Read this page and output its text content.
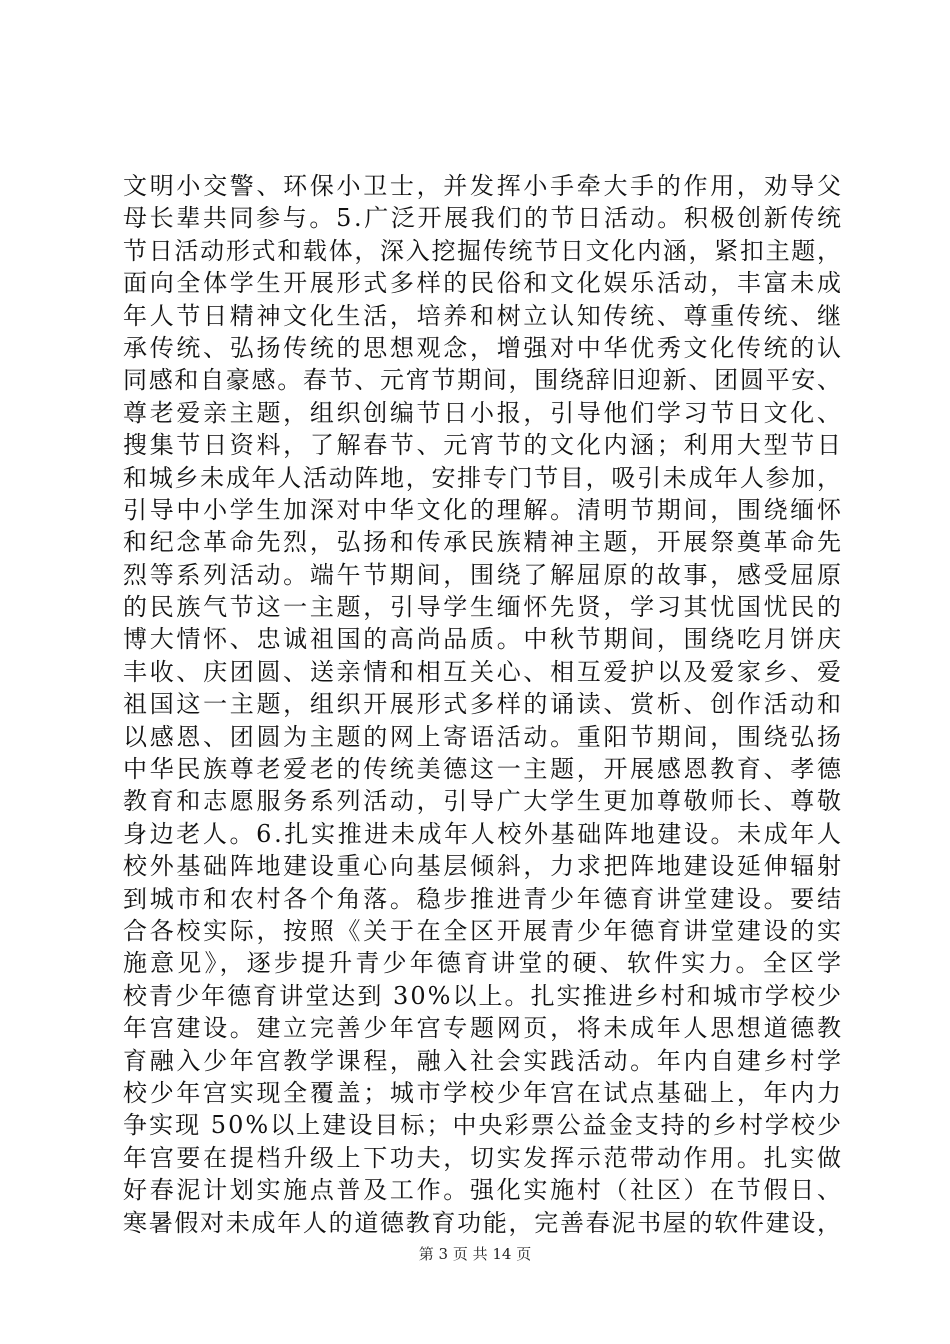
文明小交警、环保小卫士，并发挥小手牵大手的作用，劝导父
母长辈共同参与。5.广泛开展我们的节日活动。积极创新传统
节日活动形式和载体，深入挖掘传统节日文化内涵，紧扣主题，
面向全体学生开展形式多样的民俗和文化娱乐活动，丰富未成
年人节日精神文化生活，培养和树立认知传统、尊重传统、继
承传统、弘扬传统的思想观念，增强对中华优秀文化传统的认
同感和自豪感。春节、元宵节期间，围绕辞旧迎新、团圆平安、
尊老爱亲主题，组织创编节日小报，引导他们学习节日文化、
搜集节日资料，了解春节、元宵节的文化内涵；利用大型节日
和城乡未成年人活动阵地，安排专门节目，吸引未成年人参加，
引导中小学生加深对中华文化的理解。清明节期间，围绕缅怀
和纪念革命先烈，弘扬和传承民族精神主题，开展祭奠革命先
烈等系列活动。端午节期间，围绕了解屈原的故事，感受屈原
的民族气节这一主题，引导学生缅怀先贤，学习其忧国忧民的
博大情怀、忠诚祖国的高尚品质。中秋节期间，围绕吃月饼庆
丰收、庆团圆、送亲情和相互关心、相互爱护以及爱家乡、爱
祖国这一主题，组织开展形式多样的诵读、赏析、创作活动和
以感恩、团圆为主题的网上寄语活动。重阳节期间，围绕弘扬
中华民族尊老爱老的传统美德这一主题，开展感恩教育、孝德
教育和志愿服务系列活动，引导广大学生更加尊敬师长、尊敬
身边老人。6.扎实推进未成年人校外基础阵地建设。未成年人
校外基础阵地建设重心向基层倾斜，力求把阵地建设延伸辐射
到城市和农村各个角落。稳步推进青少年德育讲堂建设。要结
合各校实际，按照《关于在全区开展青少年德育讲堂建设的实
施意见》，逐步提升青少年德育讲堂的硬、软件实力。全区学
校青少年德育讲堂达到 30%以上。扎实推进乡村和城市学校少
年宫建设。建立完善少年宫专题网页，将未成年人思想道德教
育融入少年宫教学课程，融入社会实践活动。年内自建乡村学
校少年宫实现全覆盖；城市学校少年宫在试点基础上，年内力
争实现 50%以上建设目标；中央彩票公益金支持的乡村学校少
年宫要在提档升级上下功夫，切实发挥示范带动作用。扎实做
好春泥计划实施点普及工作。强化实施村（社区）在节假日、
寒暑假对未成年人的道德教育功能，完善春泥书屋的软件建设，
第 3 页 共 14 页
